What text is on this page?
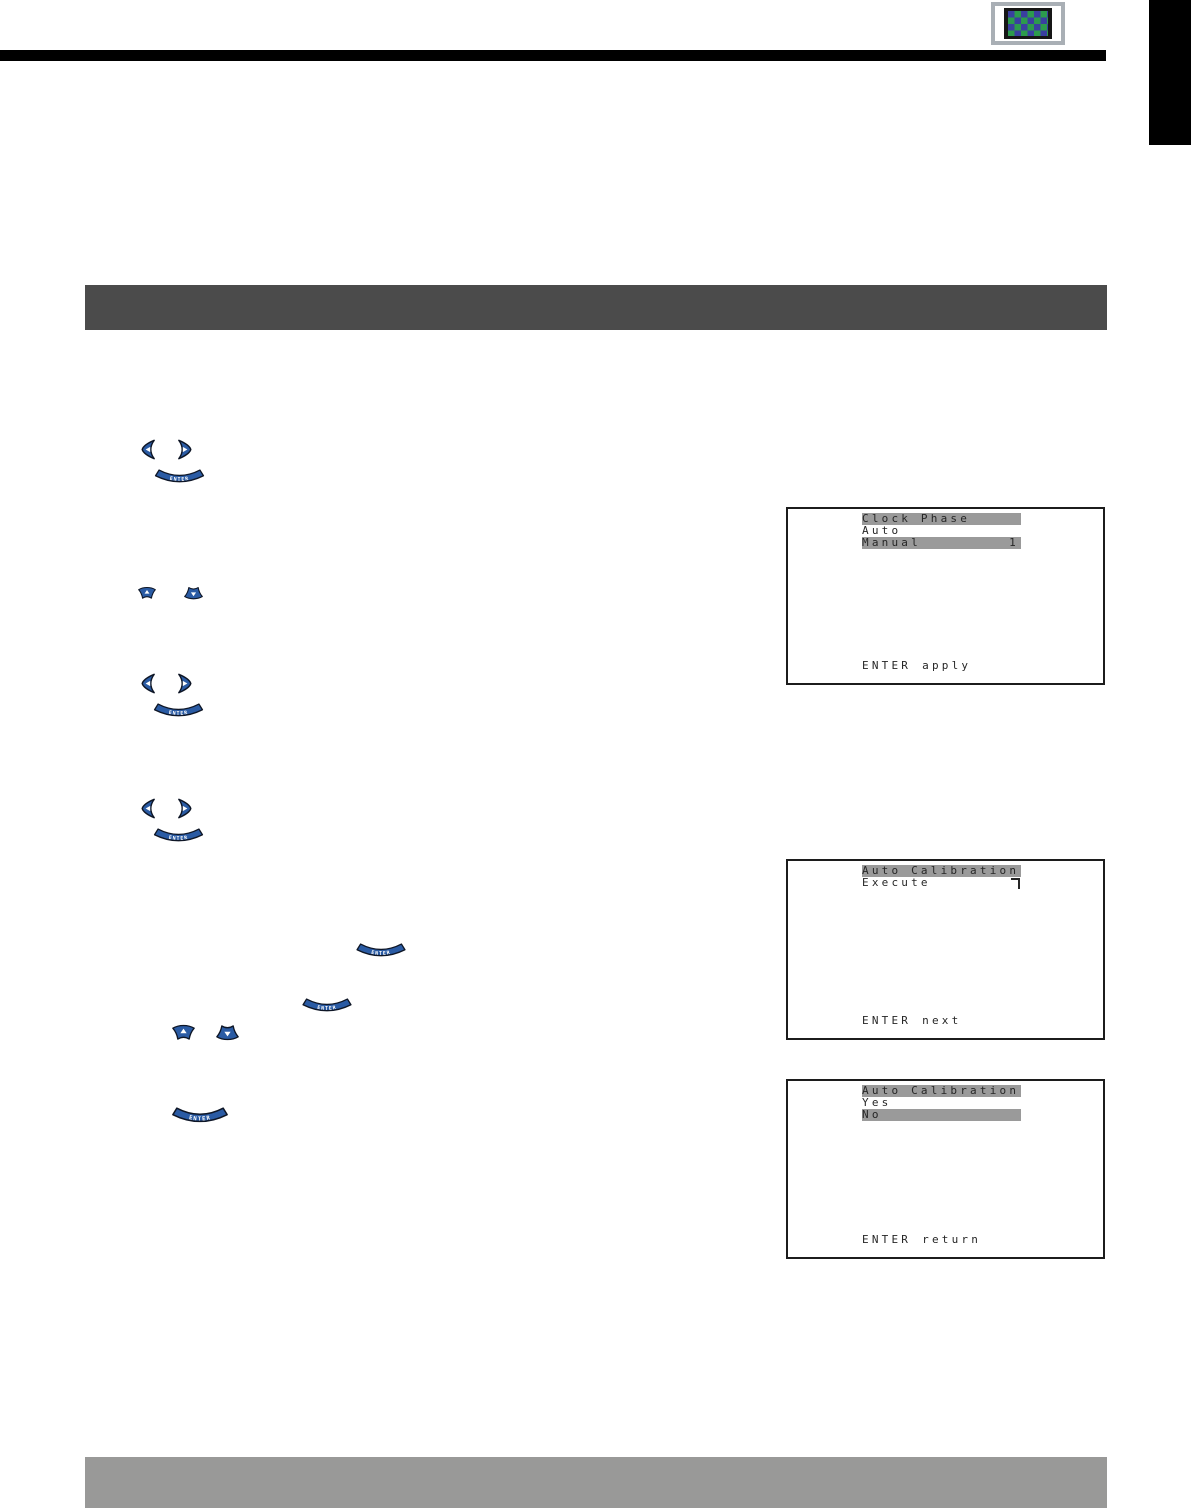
ENTER
ENTER
ENTER
ENTER
ENTER
ENTER
Clock Phase
Auto
Manual	1
ENTER apply
Auto Calibration
Execute
ENTER next
Auto Calibration
Yes
No
ENTER return
